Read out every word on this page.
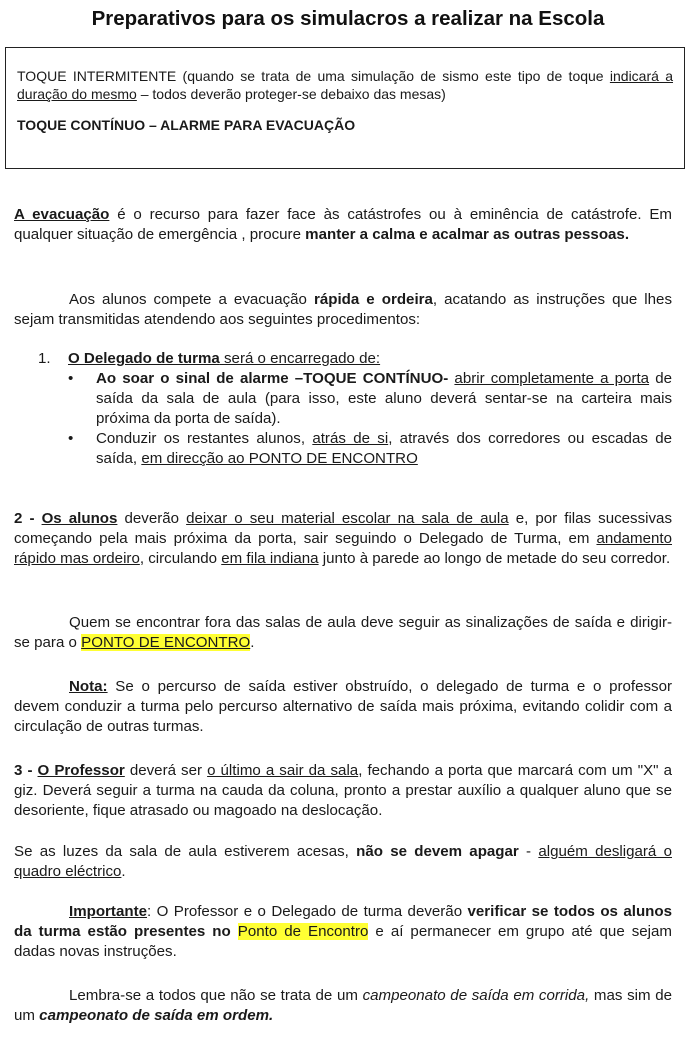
Preparativos para os simulacros a realizar na Escola

TOQUE INTERMITENTE (quando se trata de uma simulação de sismo este tipo de toque indicará a duração do mesmo – todos deverão proteger-se debaixo das mesas)

TOQUE CONTÍNUO – ALARME PARA EVACUAÇÃO

A evacuação é o recurso para fazer face às catástrofes ou à eminência de catástrofe. Em qualquer situação de emergência , procure manter a calma e acalmar as outras pessoas.

Aos alunos compete a evacuação rápida e ordeira, acatando as instruções que lhes sejam transmitidas atendendo aos seguintes procedimentos:

1.	O Delegado de turma será o encarregado de:
• Ao soar o sinal de alarme –TOQUE CONTÍNUO- abrir completamente a porta de saída da sala de aula (para isso, este aluno deverá sentar-se na carteira mais próxima da porta de saída).
• Conduzir os restantes alunos, atrás de si, através dos corredores ou escadas de saída, em direcção ao PONTO DE ENCONTRO

2 - Os alunos deverão deixar o seu material escolar na sala de aula e, por filas sucessivas começando pela mais próxima da porta, sair seguindo o Delegado de Turma, em andamento rápido mas ordeiro, circulando em fila indiana junto à parede ao longo de metade do seu corredor.

Quem se encontrar fora das salas de aula deve seguir as sinalizações de saída e dirigir-se para o PONTO DE ENCONTRO.

Nota: Se o percurso de saída estiver obstruído, o delegado de turma e o professor devem conduzir a turma pelo percurso alternativo de saída mais próxima, evitando colidir com a circulação de outras turmas.

3 - O Professor deverá ser o último a sair da sala, fechando a porta que marcará com um "X" a giz. Deverá seguir a turma na cauda da coluna, pronto a prestar auxílio a qualquer aluno que se desoriente, fique atrasado ou magoado na deslocação.

Se as luzes da sala de aula estiverem acesas, não se devem apagar - alguém desligará o quadro eléctrico.

Importante: O Professor e o Delegado de turma deverão verificar se todos os alunos da turma estão presentes no Ponto de Encontro e aí permanecer em grupo até que sejam dadas novas instruções.

Lembra-se a todos que não se trata de um campeonato de saída em corrida, mas sim de um campeonato de saída em ordem.
